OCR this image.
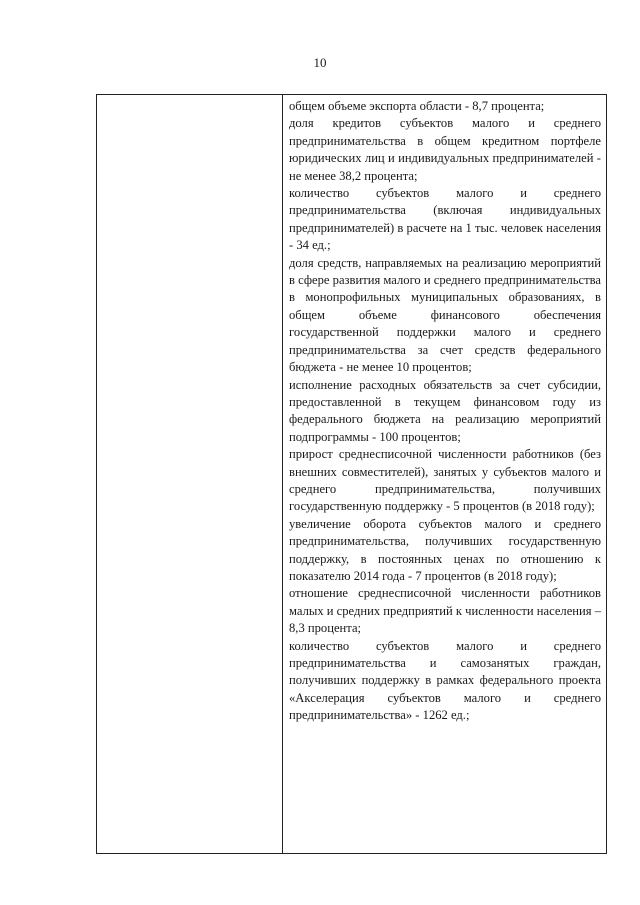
10

общем объеме экспорта области - 8,7 процента;

доля кредитов субъектов малого и среднего предпринимательства в общем кредитном портфеле юридических лиц и индивидуальных предпринимателей - не менее 38,2 процента;

количество субъектов малого и среднего предпринимательства (включая индивидуальных предпринимателей) в расчете на 1 тыс. человек населения - 34 ед.;

доля средств, направляемых на реализацию мероприятий в сфере развития малого и среднего предпринимательства в монопрофильных муниципальных образованиях, в общем объеме финансового обеспечения государственной поддержки малого и среднего предпринимательства за счет средств федерального бюджета - не менее 10 процентов;

исполнение расходных обязательств за счет субсидии, предоставленной в текущем финансовом году из федерального бюджета на реализацию мероприятий подпрограммы - 100 процентов;

прирост среднесписочной численности работников (без внешних совместителей), занятых у субъектов малого и среднего предпринимательства, получивших государственную поддержку - 5 процентов (в 2018 году);

увеличение оборота субъектов малого и среднего предпринимательства, получивших государственную поддержку, в постоянных ценах по отношению к показателю 2014 года - 7 процентов (в 2018 году);

отношение среднесписочной численности работников малых и средних предприятий к численности населения – 8,3 процента;

количество субъектов малого и среднего предпринимательства и самозанятых граждан, получивших поддержку в рамках федерального проекта «Акселерация субъектов малого и среднего предпринимательства» - 1262 ед.;
